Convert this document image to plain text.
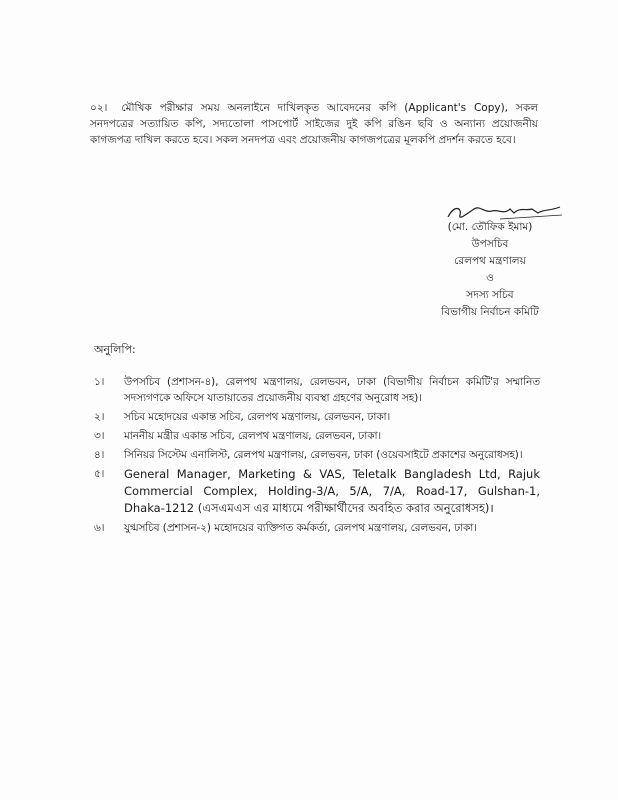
০২। মৌখিক পরীক্ষার সময় অনলাইনে দাখিলকৃত আবেদনের কপি (Applicant's Copy), সকল সনদপত্রের সত্যায়িত কপি, সদ্যতোলা পাসপোর্ট সাইজের দুই কপি রঙিন ছবি ও অন্যান্য প্রয়োজনীয় কাগজপত্র দাখিল করতে হবে। সকল সনদপত্র এবং প্রয়োজনীয় কাগজপত্রের মূলকপি প্রদর্শন করতে হবে।
(মো. তৌফিক ইমাম)
উপসচিব
রেলপথ মন্ত্রণালয়
ও
সদস্য সচিব
বিভাগীয় নির্বাচন কমিটি
অনুলিপি:
১।	উপসচিব (প্রশাসন-৪), রেলপথ মন্ত্রণালয়, রেলভবন, ঢাকা (বিভাগীয় নির্বাচন কমিটি'র সম্মানিত সদস্যগণকে অফিসে যাতায়াতের প্রয়োজনীয় ব্যবস্থা গ্রহণের অনুরোধ সহ)।
২।	সচিব মহোদয়ের একান্ত সচিব, রেলপথ মন্ত্রণালয়, রেলভবন, ঢাকা।
৩।	মাননীয় মন্ত্রীর একান্ত সচিব, রেলপথ মন্ত্রণালয়, রেলভবন, ঢাকা।
৪।	সিনিয়র সিস্টেম এনালিস্ট, রেলপথ মন্ত্রণালয়, রেলভবন, ঢাকা (ওয়েবসাইটে প্রকাশের অনুরোধসহ)।
৫।	General Manager, Marketing & VAS, Teletalk Bangladesh Ltd, Rajuk Commercial Complex, Holding-3/A, 5/A, 7/A, Road-17, Gulshan-1, Dhaka-1212 (এসএমএস এর মাধ্যমে পরীক্ষার্থীদের অবহিত করার অনুরোধসহ)।
৬।	যুগ্মসচিব (প্রশাসন-২) মহোদয়ের ব্যক্তিগত কর্মকর্তা, রেলপথ মন্ত্রণালয়, রেলভবন, ঢাকা।
